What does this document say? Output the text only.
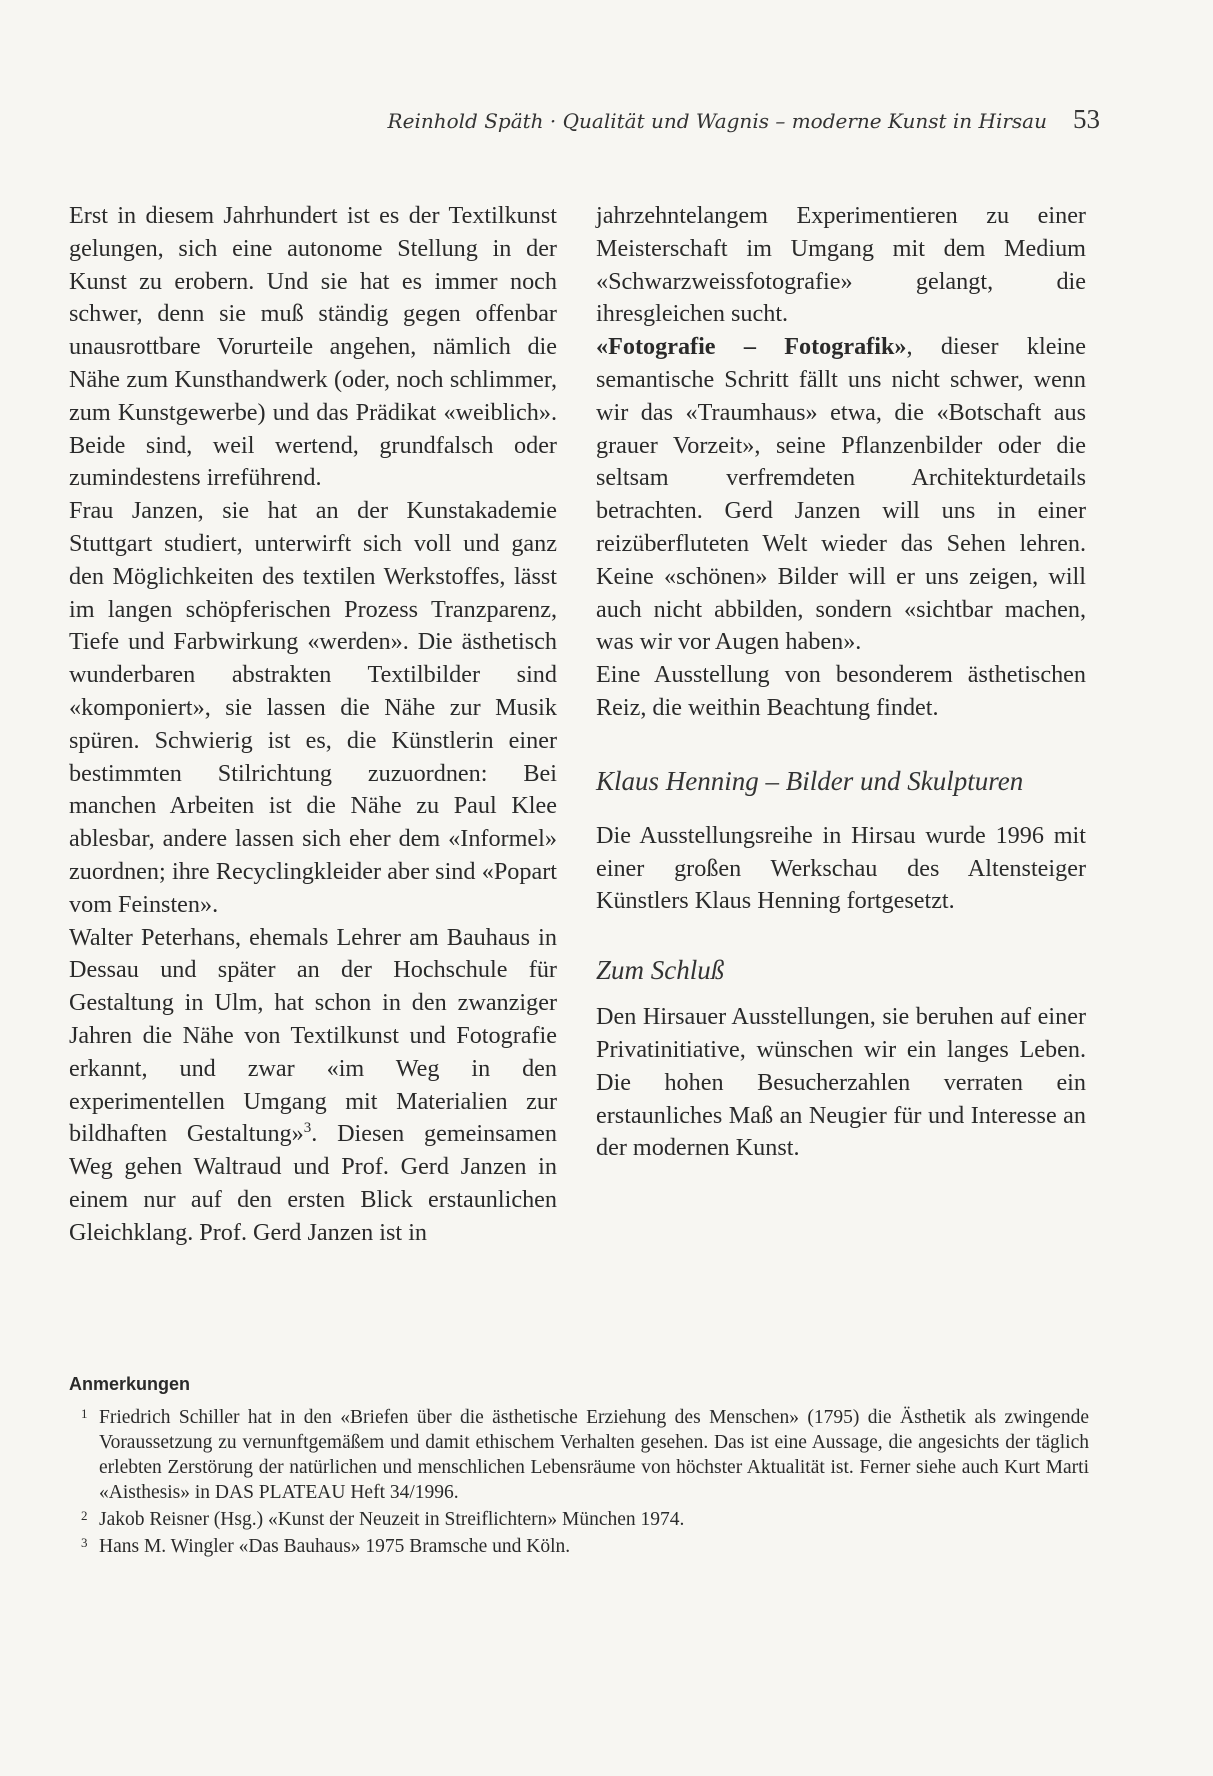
Reinhold Späth · Qualität und Wagnis – moderne Kunst in Hirsau 53

Erst in diesem Jahrhundert ist es der Textilkunst gelungen, sich eine autonome Stellung in der Kunst zu erobern. Und sie hat es immer noch schwer, denn sie muß ständig gegen offenbar unausrottbare Vorurteile angehen, nämlich die Nähe zum Kunsthandwerk (oder, noch schlimmer, zum Kunstgewerbe) und das Prädikat «weiblich». Beide sind, weil wertend, grundfalsch oder zumindestens irreführend.

Frau Janzen, sie hat an der Kunstakademie Stuttgart studiert, unterwirft sich voll und ganz den Möglichkeiten des textilen Werkstoffes, lässt im langen schöpferischen Prozess Tranzparenz, Tiefe und Farbwirkung «werden». Die ästhetisch wunderbaren abstrakten Textilbilder sind «komponiert», sie lassen die Nähe zur Musik spüren. Schwierig ist es, die Künstlerin einer bestimmten Stilrichtung zuzuordnen: Bei manchen Arbeiten ist die Nähe zu Paul Klee ablesbar, andere lassen sich eher dem «Informel» zuordnen; ihre Recyclingkleider aber sind «Popart vom Feinsten».

Walter Peterhans, ehemals Lehrer am Bauhaus in Dessau und später an der Hochschule für Gestaltung in Ulm, hat schon in den zwanziger Jahren die Nähe von Textilkunst und Fotografie erkannt, und zwar «im Weg in den experimentellen Umgang mit Materialien zur bildhaften Gestaltung»$^3$. Diesen gemeinsamen Weg gehen Waltraud und Prof. Gerd Janzen in einem nur auf den ersten Blick erstaunlichen Gleichklang. Prof. Gerd Janzen ist in

jahrzehntelangem Experimentieren zu einer Meisterschaft im Umgang mit dem Medium «Schwarzweissfotografie» gelangt, die ihresgleichen sucht.

«Fotografie – Fotografik», dieser kleine semantische Schritt fällt uns nicht schwer, wenn wir das «Traumhaus» etwa, die «Botschaft aus grauer Vorzeit», seine Pflanzenbilder oder die seltsam verfremdeten Architekturdetails betrachten. Gerd Janzen will uns in einer reizüberfluteten Welt wieder das Sehen lehren. Keine «schönen» Bilder will er uns zeigen, will auch nicht abbilden, sondern «sichtbar machen, was wir vor Augen haben».

Eine Ausstellung von besonderem ästhetischen Reiz, die weithin Beachtung findet.

Klaus Henning – Bilder und Skulpturen

Die Ausstellungsreihe in Hirsau wurde 1996 mit einer großen Werkschau des Altensteiger Künstlers Klaus Henning fortgesetzt.

Zum Schluß

Den Hirsauer Ausstellungen, sie beruhen auf einer Privatinitiative, wünschen wir ein langes Leben. Die hohen Besucherzahlen verraten ein erstaunliches Maß an Neugier für und Interesse an der modernen Kunst.

Anmerkungen
1 Friedrich Schiller hat in den «Briefen über die ästhetische Erziehung des Menschen» (1795) die Ästhetik als zwingende Voraussetzung zu vernunftgemäßem und damit ethischem Verhalten gesehen. Das ist eine Aussage, die angesichts der täglich erlebten Zerstörung der natürlichen und menschlichen Lebensräume von höchster Aktualität ist. Ferner siehe auch Kurt Marti «Aisthesis» in DAS PLATEAU Heft 34/1996.
2 Jakob Reisner (Hsg.) «Kunst der Neuzeit in Streiflichtern» München 1974.
3 Hans M. Wingler «Das Bauhaus» 1975 Bramsche und Köln.
